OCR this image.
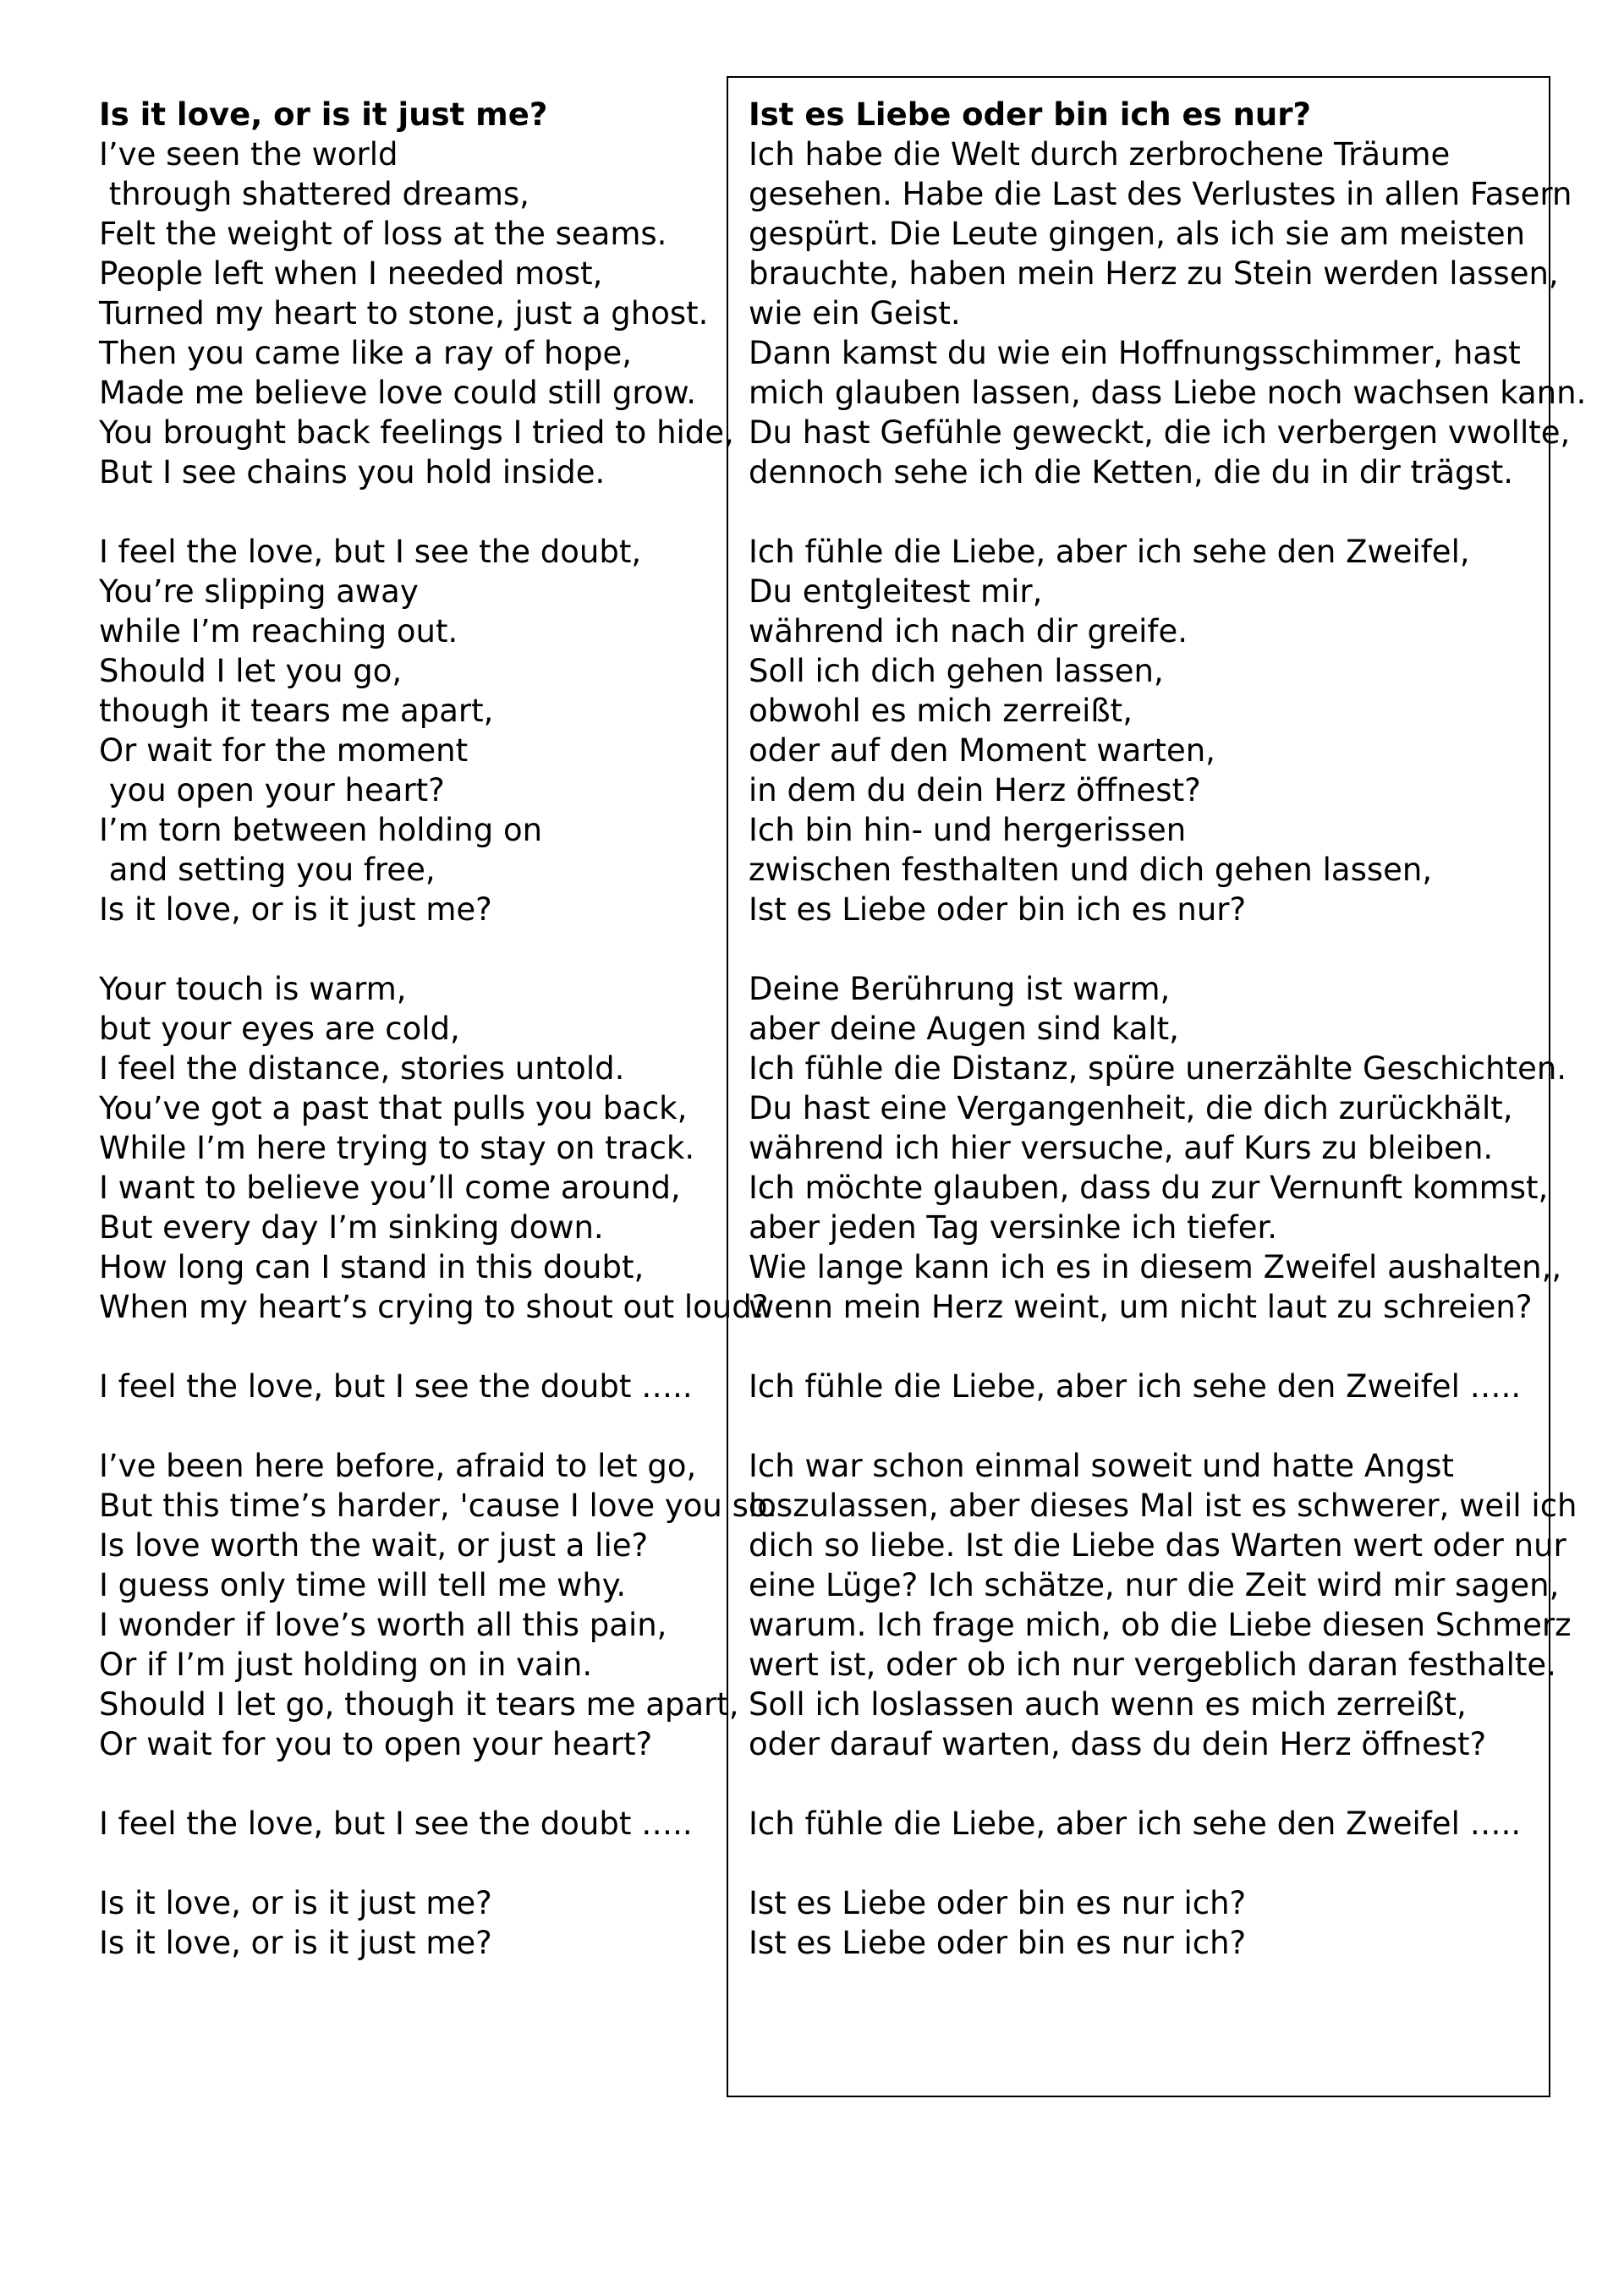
Is it love, or is it just me?
I’ve seen the world
through shattered dreams,
Felt the weight of loss at the seams.
People left when I needed most,
Turned my heart to stone, just a ghost.
Then you came like a ray of hope,
Made me believe love could still grow.
You brought back feelings I tried to hide,
But I see chains you hold inside.
I feel the love, but I see the doubt,
You’re slipping away
while I’m reaching out.
Should I let you go,
though it tears me apart,
Or wait for the moment
you open your heart?
I’m torn between holding on
and setting you free,
Is it love, or is it just me?
Your touch is warm,
but your eyes are cold,
I feel the distance, stories untold.
You’ve got a past that pulls you back,
While I’m here trying to stay on track.
I want to believe you’ll come around,
But every day I’m sinking down.
How long can I stand in this doubt,
When my heart’s crying to shout out loud?
I feel the love, but I see the doubt …..
I’ve been here before, afraid to let go,
But this time’s harder, 'cause I love you so.
Is love worth the wait, or just a lie?
I guess only time will tell me why.
I wonder if love’s worth all this pain,
Or if I’m just holding on in vain.
Should I let go, though it tears me apart,
Or wait for you to open your heart?
I feel the love, but I see the doubt …..
Is it love, or is it just me?
Is it love, or is it just me?
Ist es Liebe oder bin ich es nur?
Ich habe die Welt durch zerbrochene Träume
gesehen. Habe die Last des Verlustes in allen Fasern
gespürt. Die Leute gingen, als ich sie am meisten
brauchte, haben mein Herz zu Stein werden lassen,
wie ein Geist.
Dann kamst du wie ein Hoffnungsschimmer, hast
mich glauben lassen, dass Liebe noch wachsen kann.
Du hast Gefühle geweckt, die ich verbergen vwollte,
dennoch sehe ich die Ketten, die du in dir trägst.
Ich fühle die Liebe, aber ich sehe den Zweifel,
Du entgleitest mir,
während ich nach dir greife.
Soll ich dich gehen lassen,
obwohl es mich zerreißt,
oder auf den Moment warten,
in dem du dein Herz öffnest?
Ich bin hin- und hergerissen
zwischen festhalten und dich gehen lassen,
Ist es Liebe oder bin ich es nur?
Deine Berührung ist warm,
aber deine Augen sind kalt,
Ich fühle die Distanz, spüre unerzählte Geschichten.
Du hast eine Vergangenheit, die dich zurückhält,
während ich hier versuche, auf Kurs zu bleiben.
Ich möchte glauben, dass du zur Vernunft kommst,
aber jeden Tag versinke ich tiefer.
Wie lange kann ich es in diesem Zweifel aushalten,,
wenn mein Herz weint, um nicht laut zu schreien?
Ich fühle die Liebe, aber ich sehe den Zweifel …..
Ich war schon einmal soweit und hatte Angst
loszulassen, aber dieses Mal ist es schwerer, weil ich
dich so liebe. Ist die Liebe das Warten wert oder nur
eine Lüge? Ich schätze, nur die Zeit wird mir sagen,
warum. Ich frage mich, ob die Liebe diesen Schmerz
wert ist, oder ob ich nur vergeblich daran festhalte.
Soll ich loslassen auch wenn es mich zerreißt,
oder darauf warten, dass du dein Herz öffnest?
Ich fühle die Liebe, aber ich sehe den Zweifel …..
Ist es Liebe oder bin es nur ich?
Ist es Liebe oder bin es nur ich?
